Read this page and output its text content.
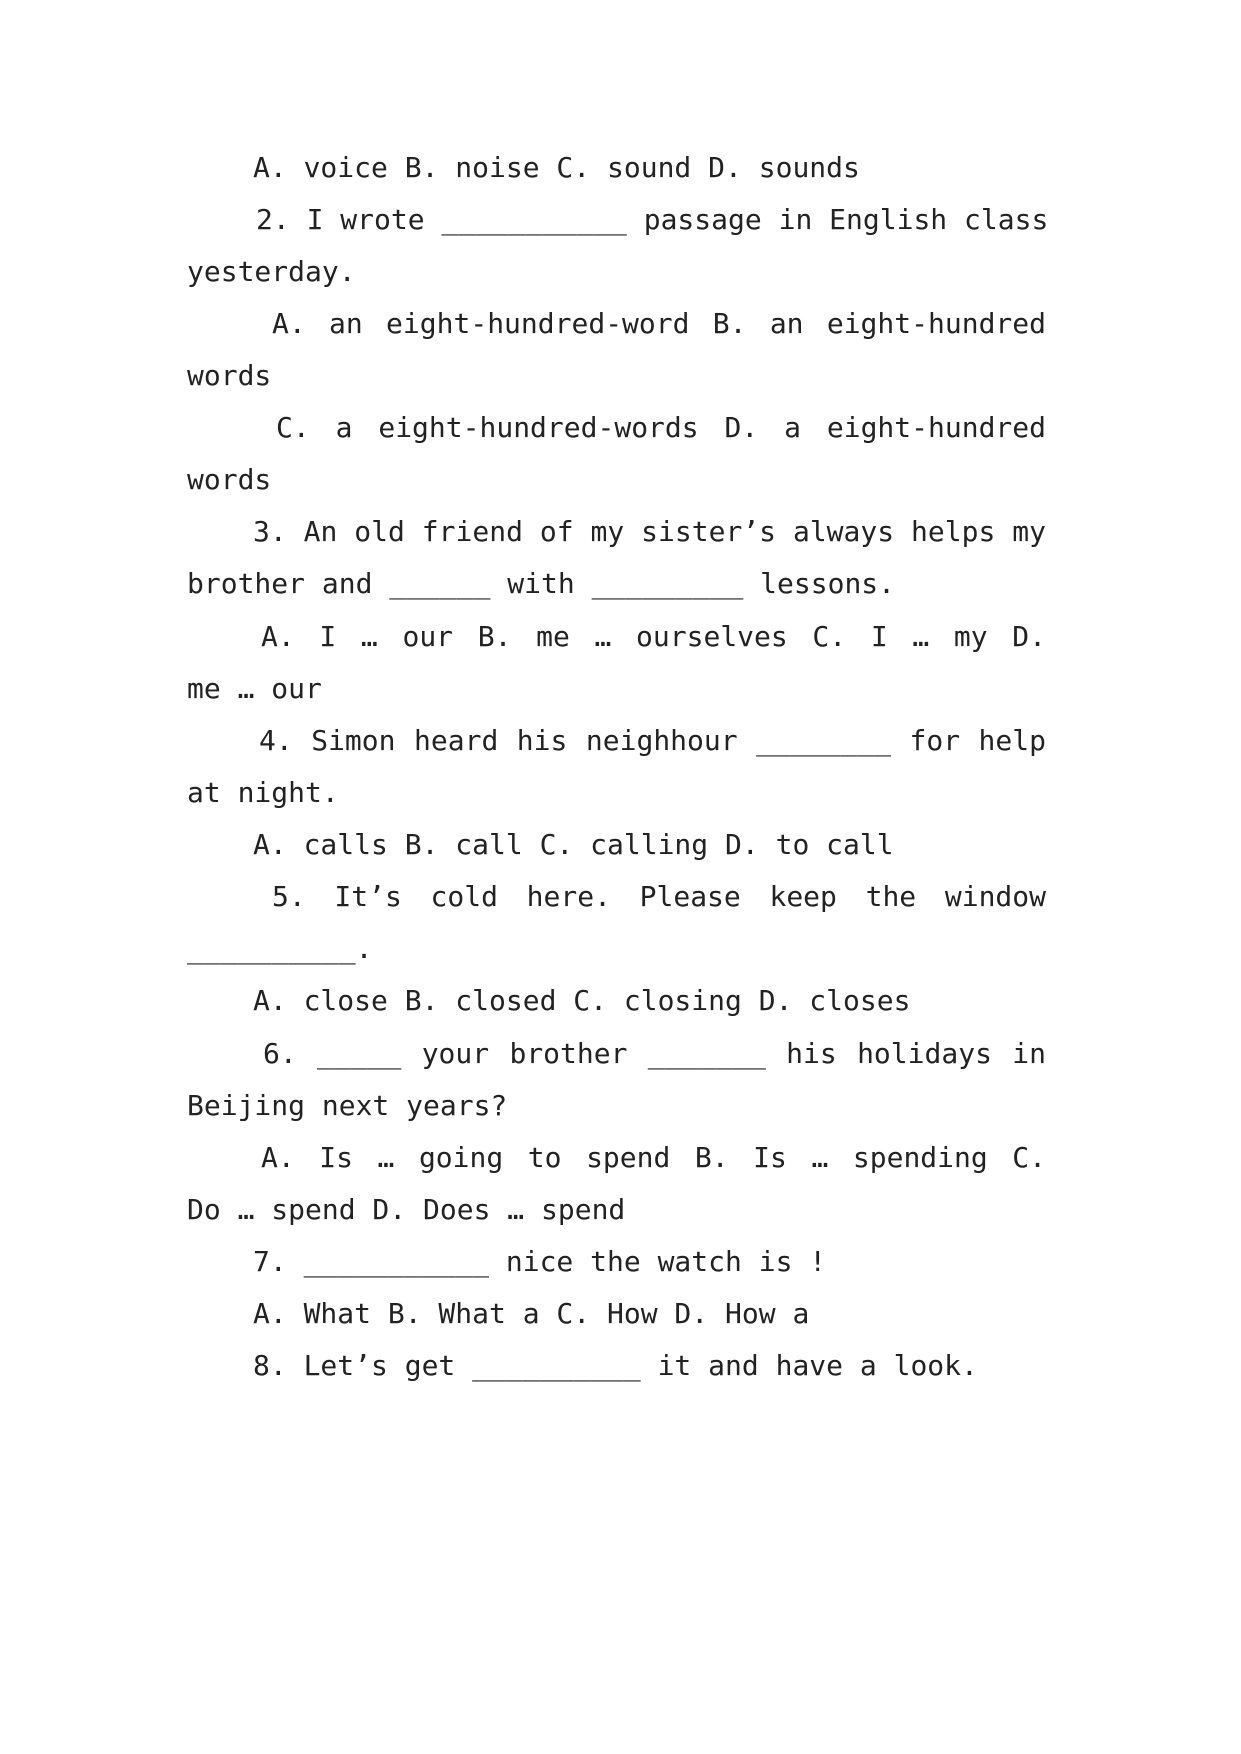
A. voice B. noise C. sound D. sounds
2. I wrote ___________ passage in English class
yesterday.
A. an eight-hundred-word B. an eight-hundred
words
C. a eight-hundred-words D. a eight-hundred
words
3. An old friend of my sister’s always helps my
brother and ______ with _________ lessons.
A. I … our B. me … ourselves C. I … my D.
me … our
4. Simon heard his neighhour ________ for help
at night.
A. calls B. call C. calling D. to call
5. It’s cold here. Please keep the window
__________.
A. close B. closed C. closing D. closes
6. _____ your brother _______ his holidays in
Beijing next years?
A. Is … going to spend B. Is … spending C.
Do … spend D. Does … spend
7. ___________ nice the watch is !
A. What B. What a C. How D. How a
8. Let’s get __________ it and have a look.
